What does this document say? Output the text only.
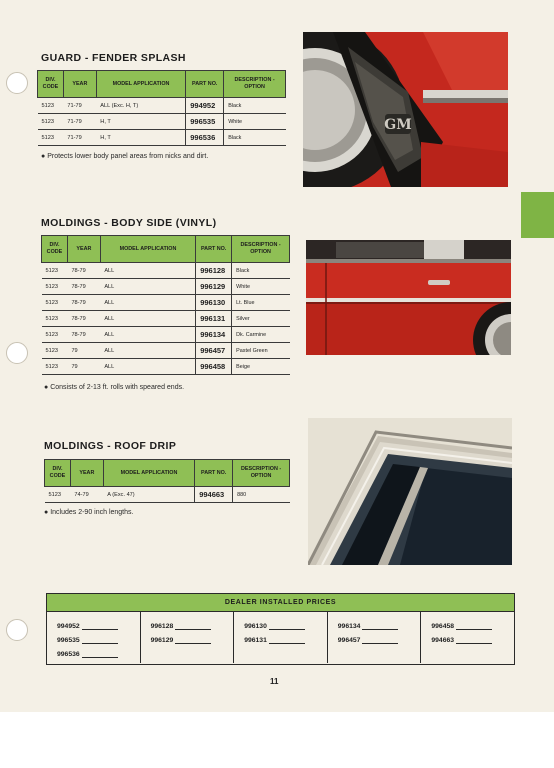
GUARD - FENDER SPLASH
DIV. CODE	YEAR	MODEL APPLICATION	PART NO.	DESCRIPTION - OPTION
5123	71-79	ALL (Exc. H, T)	994952	Black
5123	71-79	H, T	996535	White
5123	71-79	H, T	996536	Black
● Protects lower body panel areas from nicks and dirt.
GM
MOLDINGS - BODY SIDE (VINYL)
DIV. CODE	YEAR	MODEL APPLICATION	PART NO.	DESCRIPTION - OPTION
5123	78-79	ALL	996128	Black
5123	78-79	ALL	996129	White
5123	78-79	ALL	996130	Lt. Blue
5123	78-79	ALL	996131	Silver
5123	78-79	ALL	996134	Dk. Carmine
5123	79	ALL	996457	Pastel Green
5123	79	ALL	996458	Beige
● Consists of 2-13 ft. rolls with speared ends.
MOLDINGS - ROOF DRIP
DIV. CODE	YEAR	MODEL APPLICATION	PART NO.	DESCRIPTION - OPTION
5123	74-79	A (Exc. 47)	994663	880
● Includes 2-90 inch lengths.
DEALER INSTALLED PRICES
994952
996535
996536
996128
996129
996130
996131
996134
996457
996458
994663
11
